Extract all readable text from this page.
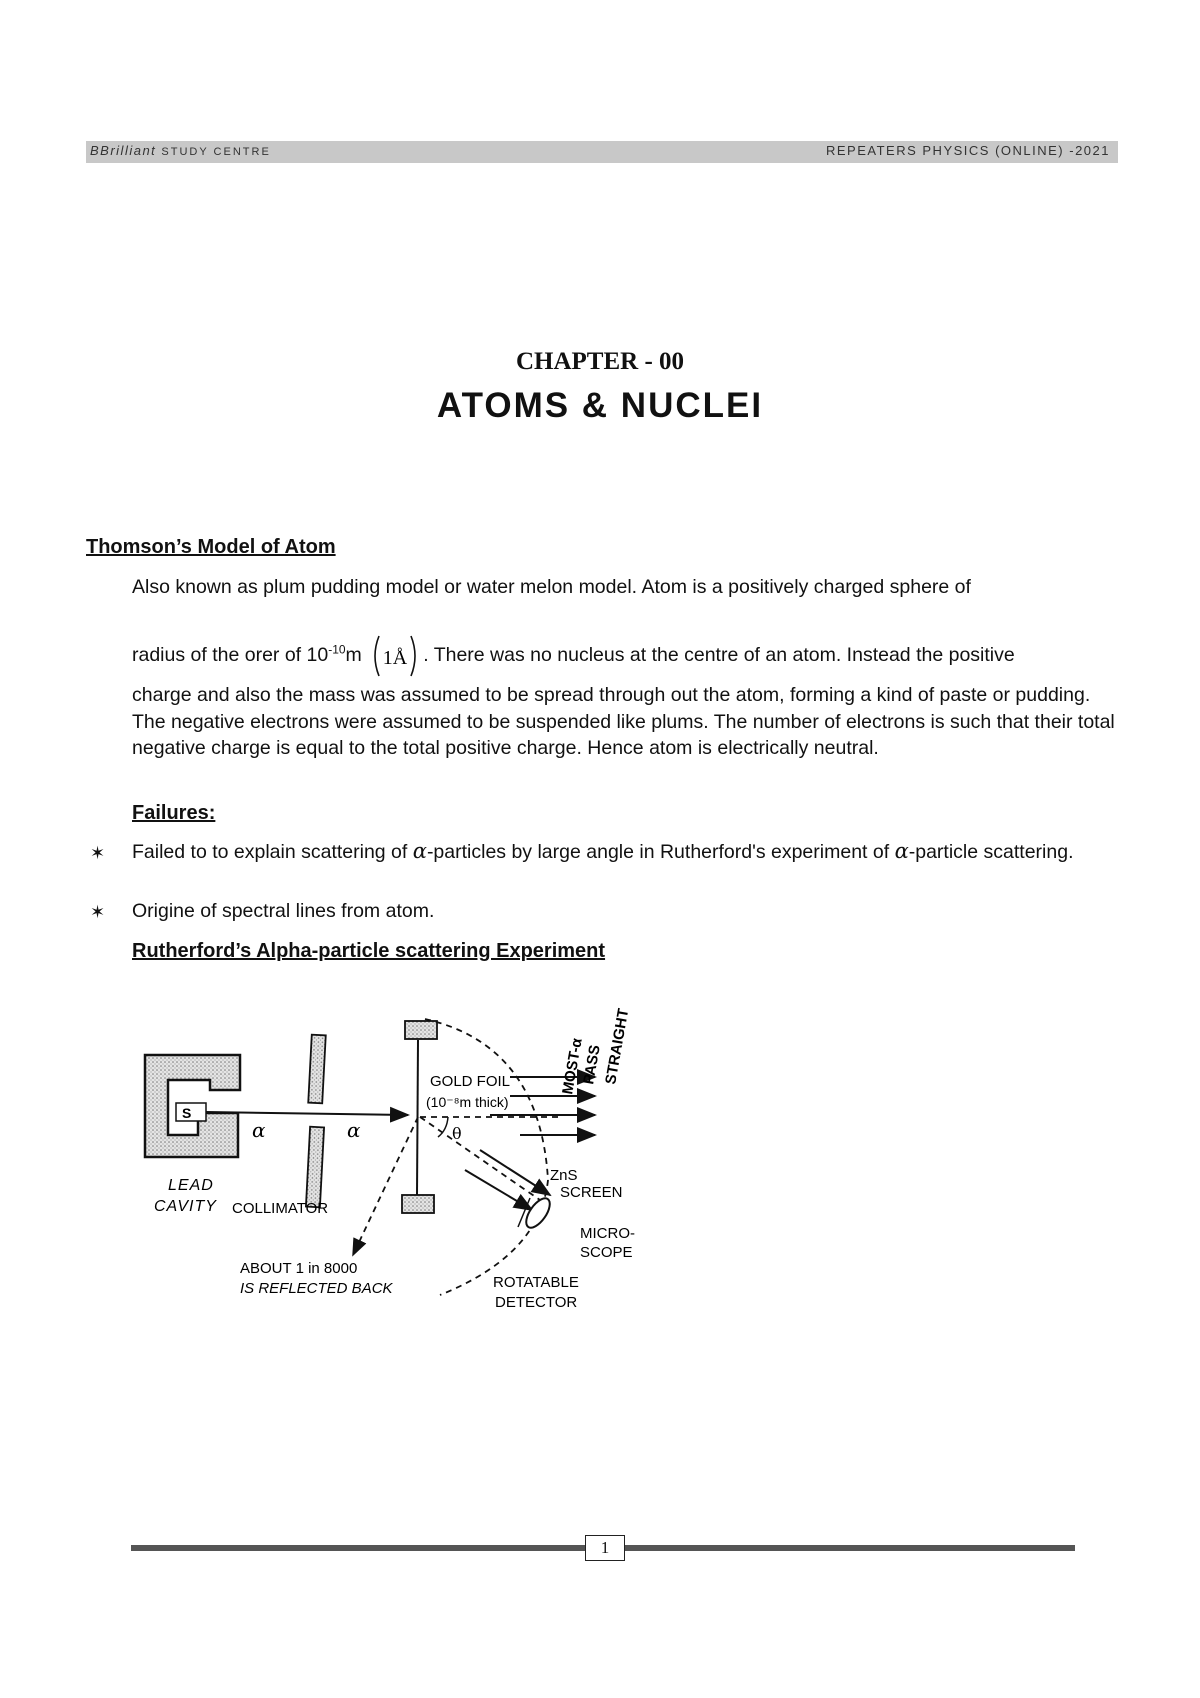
BBrilliant STUDY CENTRE	REPEATERS PHYSICS (ONLINE) -2021
CHAPTER - 00
ATOMS & NUCLEI
Thomson’s Model of Atom
Also known as plum pudding model or water melon model. Atom is a positively charged sphere of
radius of the orer of $10^{-10}m$ 1Å . There was no nucleus at the centre of an atom. Instead the positive
charge and also the mass was assumed to be spread through out the atom, forming a kind of paste or pudding. The negative electrons were assumed to be suspended like plums. The number of electrons is such that their total negative charge is equal to the total positive charge. Hence atom is electrically neutral.
Failures:
✶ Failed to to explain scattering of α-particles by large angle in Rutherford's experiment of α-particle scattering.
✶ Origine of spectral lines from atom.
Rutherford’s Alpha-particle scattering Experiment
S
α	α	θ
GOLD FOIL
(10⁻⁸m thick)
MOST-α
PASS
STRAIGHT
ZnS
SCREEN
MICRO-
SCOPE
LEAD
CAVITY COLLIMATOR
ABOUT 1 in 8000
IS REFLECTED BACK	ROTATABLE
DETECTOR
1
